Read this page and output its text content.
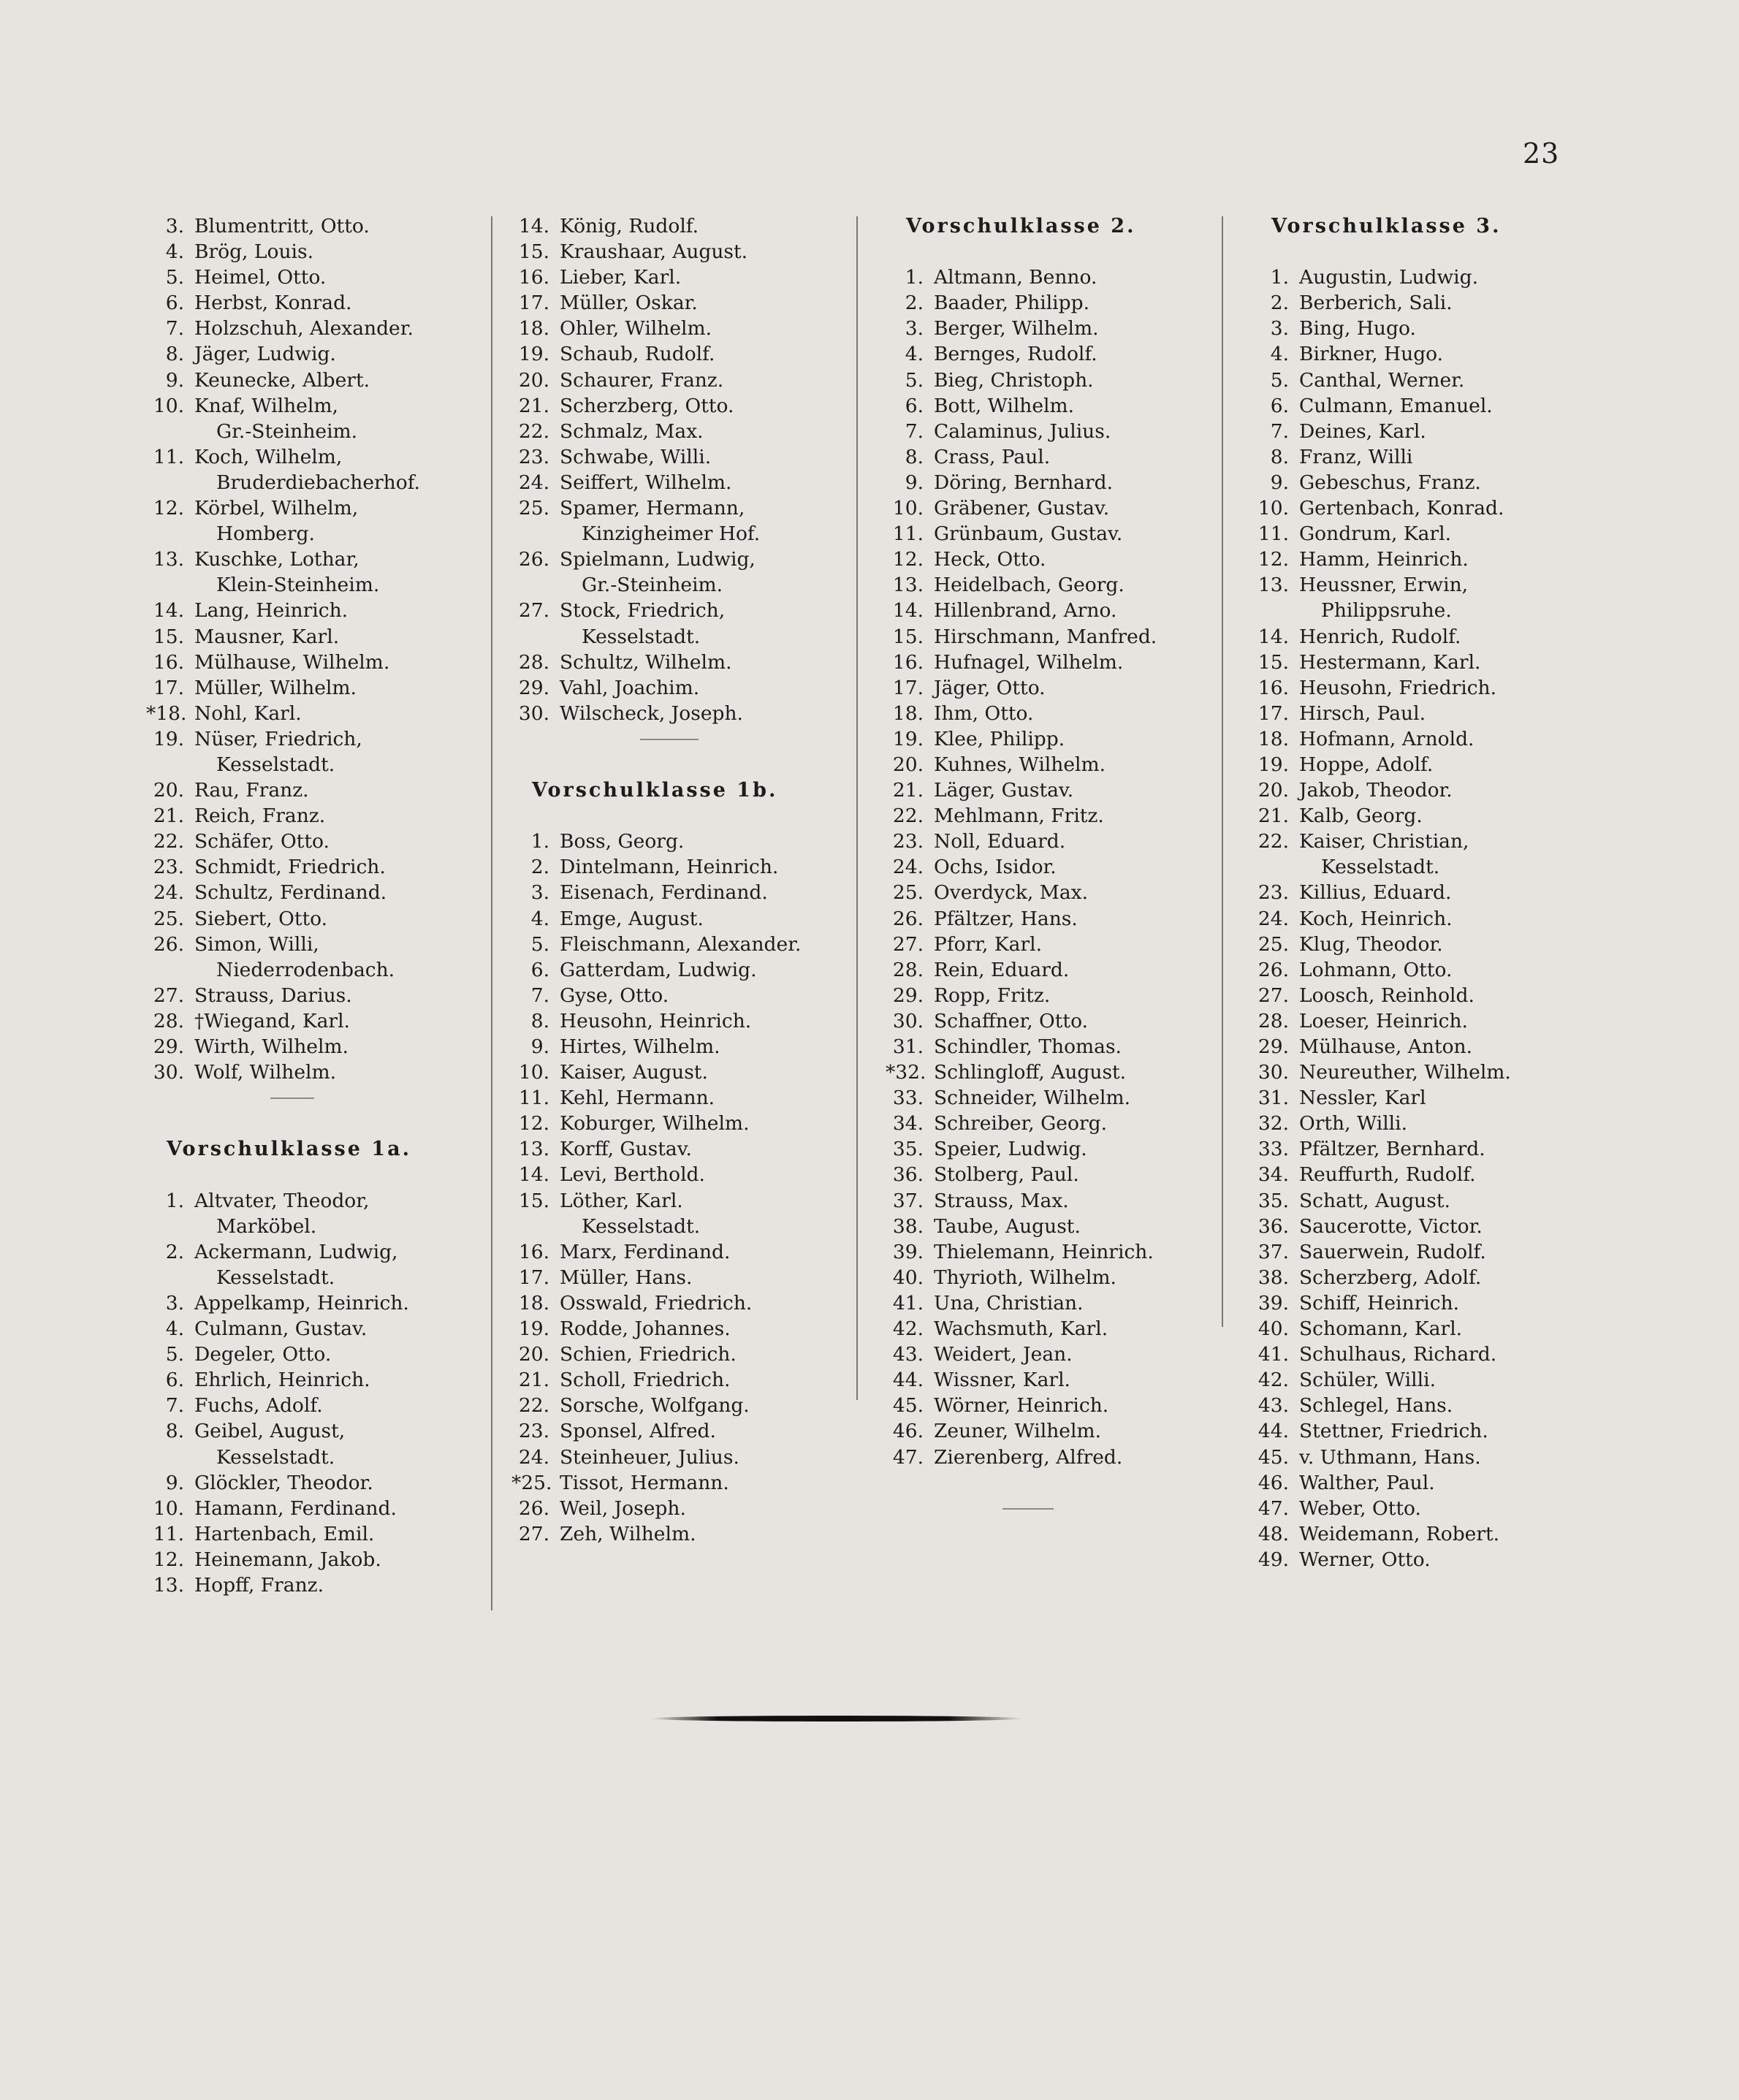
23
3. Blumentritt, Otto.
4. Brög, Louis.
5. Heimel, Otto.
6. Herbst, Konrad.
7. Holzschuh, Alexander.
8. Jäger, Ludwig.
9. Keunecke, Albert.
10. Knaf, Wilhelm,
Gr.-Steinheim.
11. Koch, Wilhelm,
Bruderdiebacherhof.
12. Körbel, Wilhelm,
Homberg.
13. Kuschke, Lothar,
Klein-Steinheim.
14. Lang, Heinrich.
15. Mausner, Karl.
16. Mülhause, Wilhelm.
17. Müller, Wilhelm.
*18. Nohl, Karl.
19. Nüser, Friedrich,
Kesselstadt.
20. Rau, Franz.
21. Reich, Franz.
22. Schäfer, Otto.
23. Schmidt, Friedrich.
24. Schultz, Ferdinand.
25. Siebert, Otto.
26. Simon, Willi,
Niederrodenbach.
27. Strauss, Darius.
28. †Wiegand, Karl.
29. Wirth, Wilhelm.
30. Wolf, Wilhelm.
Vorschulklasse 1a.
1. Altvater, Theodor,
Marköbel.
2. Ackermann, Ludwig,
Kesselstadt.
3. Appelkamp, Heinrich.
4. Culmann, Gustav.
5. Degeler, Otto.
6. Ehrlich, Heinrich.
7. Fuchs, Adolf.
8. Geibel, August,
Kesselstadt.
9. Glöckler, Theodor.
10. Hamann, Ferdinand.
11. Hartenbach, Emil.
12. Heinemann, Jakob.
13. Hopff, Franz.
14. König, Rudolf.
15. Kraushaar, August.
16. Lieber, Karl.
17. Müller, Oskar.
18. Ohler, Wilhelm.
19. Schaub, Rudolf.
20. Schaurer, Franz.
21. Scherzberg, Otto.
22. Schmalz, Max.
23. Schwabe, Willi.
24. Seiffert, Wilhelm.
25. Spamer, Hermann,
Kinzigheimer Hof.
26. Spielmann, Ludwig,
Gr.-Steinheim.
27. Stock, Friedrich,
Kesselstadt.
28. Schultz, Wilhelm.
29. Vahl, Joachim.
30. Wilscheck, Joseph.
Vorschulklasse 1b.
1. Boss, Georg.
2. Dintelmann, Heinrich.
3. Eisenach, Ferdinand.
4. Emge, August.
5. Fleischmann, Alexander.
6. Gatterdam, Ludwig.
7. Gyse, Otto.
8. Heusohn, Heinrich.
9. Hirtes, Wilhelm.
10. Kaiser, August.
11. Kehl, Hermann.
12. Koburger, Wilhelm.
13. Korff, Gustav.
14. Levi, Berthold.
15. Löther, Karl.
Kesselstadt.
16. Marx, Ferdinand.
17. Müller, Hans.
18. Osswald, Friedrich.
19. Rodde, Johannes.
20. Schien, Friedrich.
21. Scholl, Friedrich.
22. Sorsche, Wolfgang.
23. Sponsel, Alfred.
24. Steinheuer, Julius.
*25. Tissot, Hermann.
26. Weil, Joseph.
27. Zeh, Wilhelm.
Vorschulklasse 2.
1. Altmann, Benno.
2. Baader, Philipp.
3. Berger, Wilhelm.
4. Bernges, Rudolf.
5. Bieg, Christoph.
6. Bott, Wilhelm.
7. Calaminus, Julius.
8. Crass, Paul.
9. Döring, Bernhard.
10. Gräbener, Gustav.
11. Grünbaum, Gustav.
12. Heck, Otto.
13. Heidelbach, Georg.
14. Hillenbrand, Arno.
15. Hirschmann, Manfred.
16. Hufnagel, Wilhelm.
17. Jäger, Otto.
18. Ihm, Otto.
19. Klee, Philipp.
20. Kuhnes, Wilhelm.
21. Läger, Gustav.
22. Mehlmann, Fritz.
23. Noll, Eduard.
24. Ochs, Isidor.
25. Overdyck, Max.
26. Pfältzer, Hans.
27. Pforr, Karl.
28. Rein, Eduard.
29. Ropp, Fritz.
30. Schaffner, Otto.
31. Schindler, Thomas.
*32. Schlingloff, August.
33. Schneider, Wilhelm.
34. Schreiber, Georg.
35. Speier, Ludwig.
36. Stolberg, Paul.
37. Strauss, Max.
38. Taube, August.
39. Thielemann, Heinrich.
40. Thyrioth, Wilhelm.
41. Una, Christian.
42. Wachsmuth, Karl.
43. Weidert, Jean.
44. Wissner, Karl.
45. Wörner, Heinrich.
46. Zeuner, Wilhelm.
47. Zierenberg, Alfred.
Vorschulklasse 3.
1. Augustin, Ludwig.
2. Berberich, Sali.
3. Bing, Hugo.
4. Birkner, Hugo.
5. Canthal, Werner.
6. Culmann, Emanuel.
7. Deines, Karl.
8. Franz, Willi
9. Gebeschus, Franz.
10. Gertenbach, Konrad.
11. Gondrum, Karl.
12. Hamm, Heinrich.
13. Heussner, Erwin,
Philippsruhe.
14. Henrich, Rudolf.
15. Hestermann, Karl.
16. Heusohn, Friedrich.
17. Hirsch, Paul.
18. Hofmann, Arnold.
19. Hoppe, Adolf.
20. Jakob, Theodor.
21. Kalb, Georg.
22. Kaiser, Christian,
Kesselstadt.
23. Killius, Eduard.
24. Koch, Heinrich.
25. Klug, Theodor.
26. Lohmann, Otto.
27. Loosch, Reinhold.
28. Loeser, Heinrich.
29. Mülhause, Anton.
30. Neureuther, Wilhelm.
31. Nessler, Karl
32. Orth, Willi.
33. Pfältzer, Bernhard.
34. Reuffurth, Rudolf.
35. Schatt, August.
36. Saucerotte, Victor.
37. Sauerwein, Rudolf.
38. Scherzberg, Adolf.
39. Schiff, Heinrich.
40. Schomann, Karl.
41. Schulhaus, Richard.
42. Schüler, Willi.
43. Schlegel, Hans.
44. Stettner, Friedrich.
45. v. Uthmann, Hans.
46. Walther, Paul.
47. Weber, Otto.
48. Weidemann, Robert.
49. Werner, Otto.
